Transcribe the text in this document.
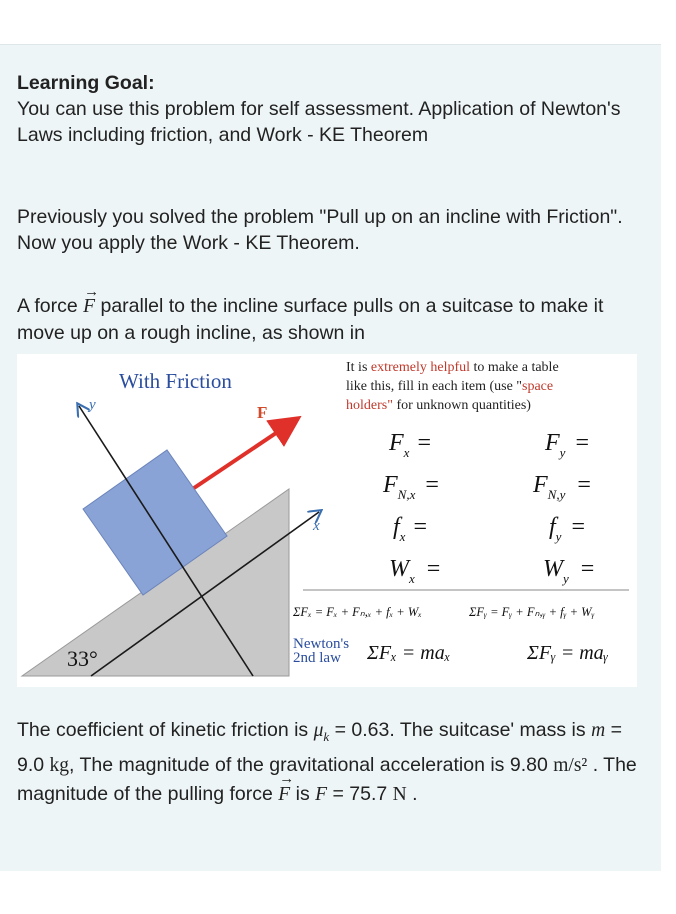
Learning Goal:
You can use this problem for self assessment. Application of Newton's Laws including friction, and Work - KE Theorem
Previously you solved the problem "Pull up on an incline with Friction". Now you apply the Work - KE Theorem.
A force → F parallel to the incline surface pulls on a suitcase to make it move up on a rough incline, as shown in
With Friction
F
y
x
33°
It is extremely helpful to make a table
like this, fill in each item (use "space
holders" for unknown quantities)
$F_x$ =	$F_y$ =
$F_{N,x}$ =	$F_{N,y}$ =
$f_x$ =	$f_y$ =
$W_x$ =	$W_y$ =
ΣFₓ = Fₓ + Fₙ,ₓ + fₓ + Wₓ	ΣFᵧ = Fᵧ + Fₙ,ᵧ + fᵧ + Wᵧ
Newton's
2nd law ΣFₓ = maₓ	ΣFᵧ = maᵧ
The coefficient of kinetic friction is $\mu_k = 0.63$. The suitcase' mass is m = 9.0 kg, The magnitude of the gravitational acceleration is 9.80 m/s² . The magnitude of the pulling force → F is F = 75.7 N .
